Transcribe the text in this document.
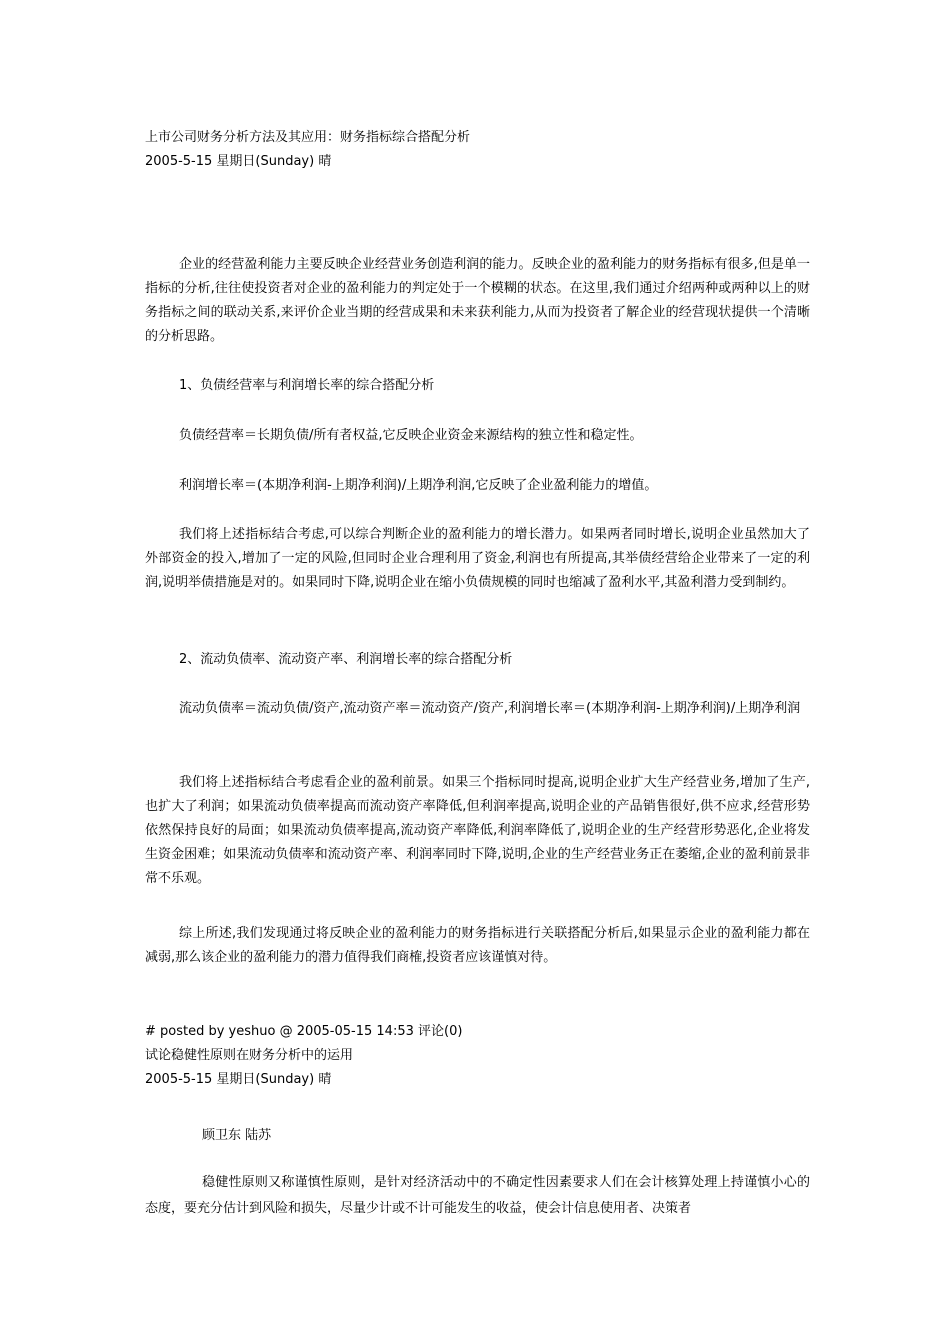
上市公司财务分析方法及其应用：财务指标综合搭配分析
2005-5-15 星期日(Sunday) 晴

企业的经营盈利能力主要反映企业经营业务创造利润的能力。反映企业的盈利能力的财务指标有很多,但是单一指标的分析,往往使投资者对企业的盈利能力的判定处于一个模糊的状态。在这里,我们通过介绍两种或两种以上的财务指标之间的联动关系,来评价企业当期的经营成果和未来获利能力,从而为投资者了解企业的经营现状提供一个清晰的分析思路。

1、负债经营率与利润增长率的综合搭配分析

负债经营率＝长期负债/所有者权益,它反映企业资金来源结构的独立性和稳定性。

利润增长率＝(本期净利润-上期净利润)/上期净利润,它反映了企业盈利能力的增值。

我们将上述指标结合考虑,可以综合判断企业的盈利能力的增长潜力。如果两者同时增长,说明企业虽然加大了外部资金的投入,增加了一定的风险,但同时企业合理利用了资金,利润也有所提高,其举债经营给企业带来了一定的利润,说明举债措施是对的。如果同时下降,说明企业在缩小负债规模的同时也缩减了盈利水平,其盈利潜力受到制约。

2、流动负债率、流动资产率、利润增长率的综合搭配分析

流动负债率＝流动负债/资产,流动资产率＝流动资产/资产,利润增长率＝(本期净利润-上期净利润)/上期净利润

我们将上述指标结合考虑看企业的盈利前景。如果三个指标同时提高,说明企业扩大生产经营业务,增加了生产,也扩大了利润；如果流动负债率提高而流动资产率降低,但利润率提高,说明企业的产品销售很好,供不应求,经营形势依然保持良好的局面；如果流动负债率提高,流动资产率降低,利润率降低了,说明企业的生产经营形势恶化,企业将发生资金困难；如果流动负债率和流动资产率、利润率同时下降,说明,企业的生产经营业务正在萎缩,企业的盈利前景非常不乐观。

综上所述,我们发现通过将反映企业的盈利能力的财务指标进行关联搭配分析后,如果显示企业的盈利能力都在减弱,那么该企业的盈利能力的潜力值得我们商榷,投资者应该谨慎对待。

# posted by yeshuo @ 2005-05-15 14:53 评论(0)
试论稳健性原则在财务分析中的运用
2005-5-15 星期日(Sunday) 晴
顾卫东 陆苏

稳健性原则又称谨慎性原则，是针对经济活动中的不确定性因素要求人们在会计核算处理上持谨慎小心的态度，要充分估计到风险和损失，尽量少计或不计可能发生的收益，使会计信息使用者、决策者
